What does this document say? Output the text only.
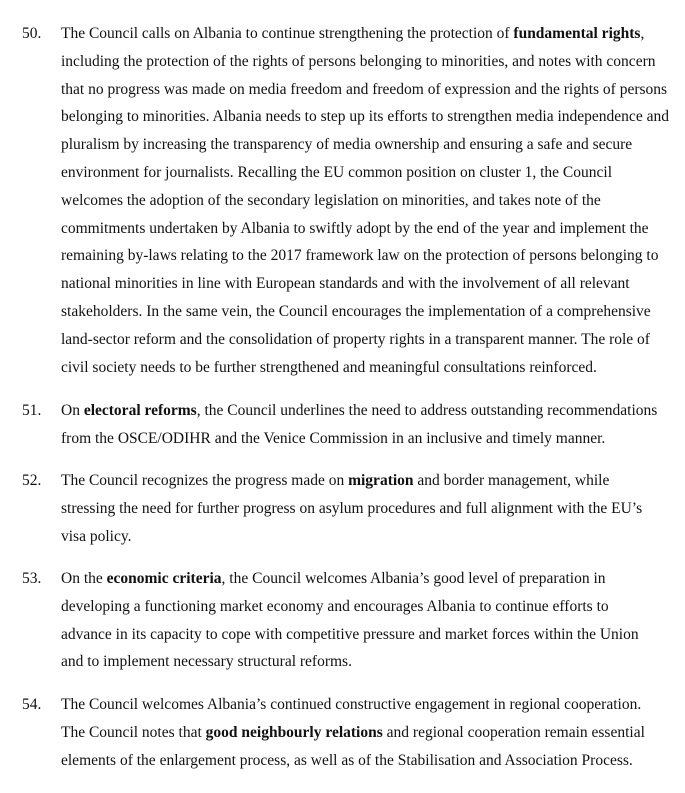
50. The Council calls on Albania to continue strengthening the protection of fundamental rights,
including the protection of the rights of persons belonging to minorities, and notes with concern
that no progress was made on media freedom and freedom of expression and the rights of persons
belonging to minorities. Albania needs to step up its efforts to strengthen media independence and
pluralism by increasing the transparency of media ownership and ensuring a safe and secure
environment for journalists. Recalling the EU common position on cluster 1, the Council
welcomes the adoption of the secondary legislation on minorities, and takes note of the
commitments undertaken by Albania to swiftly adopt by the end of the year and implement the
remaining by-laws relating to the 2017 framework law on the protection of persons belonging to
national minorities in line with European standards and with the involvement of all relevant
stakeholders. In the same vein, the Council encourages the implementation of a comprehensive
land-sector reform and the consolidation of property rights in a transparent manner. The role of
civil society needs to be further strengthened and meaningful consultations reinforced.
51. On electoral reforms, the Council underlines the need to address outstanding recommendations
from the OSCE/ODIHR and the Venice Commission in an inclusive and timely manner.
52. The Council recognizes the progress made on migration and border management, while
stressing the need for further progress on asylum procedures and full alignment with the EU’s
visa policy.
53. On the economic criteria, the Council welcomes Albania’s good level of preparation in
developing a functioning market economy and encourages Albania to continue efforts to
advance in its capacity to cope with competitive pressure and market forces within the Union
and to implement necessary structural reforms.
54. The Council welcomes Albania’s continued constructive engagement in regional cooperation.
The Council notes that good neighbourly relations and regional cooperation remain essential
elements of the enlargement process, as well as of the Stabilisation and Association Process.
